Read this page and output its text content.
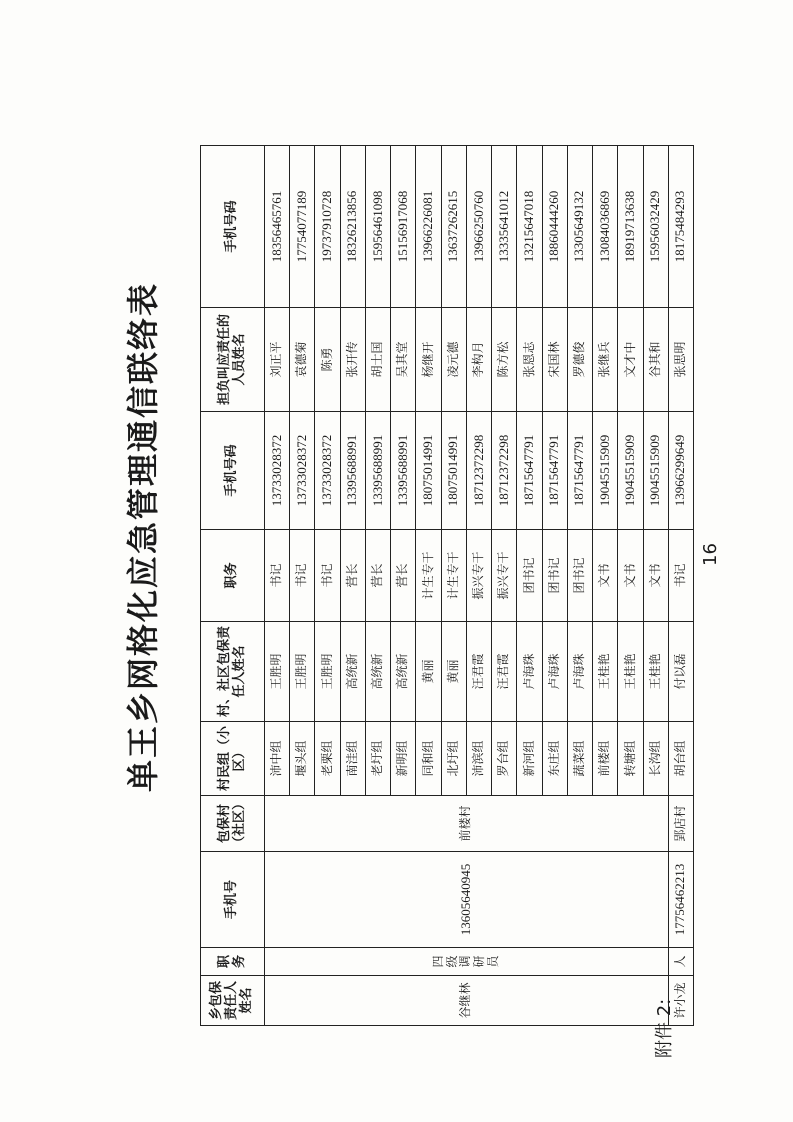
附件 2:
单王乡网格化应急管理通信联络表
乡包保责任人姓名	职务	手机号	包保村（社区）	村民组（小区）	村、社区包保责任人姓名	职务	手机号码	担负叫应责任的人员姓名	手机号码
谷继林	四级调研员	13605640945	前楼村	沛中组	王胜明	书记	13733028372	刘正平	18356465761
				堰头组	王胜明	书记	13733028372	袁德菊	17754077189
				老栗组	王胜明	书记	13733028372	陈勇	19737910728
				南洼组	高统新	营长	13395688991	张开传	18326213856
				老圩组	高统新	营长	13395688991	胡士国	15956461098
				新明组	高统新	营长	13395688991	吴其堂	15156917068
				同和组	黄丽	计生专干	18075014991	杨继开	13966226081
				北圩组	黄丽	计生专干	18075014991	凌元德	13637262615
				沛滨组	汪君霞	振兴专干	18712372298	李构月	13966250760
				罗台组	汪君霞	振兴专干	18712372298	陈方松	13335641012
				新河组	卢海珠	团书记	18715647791	张恩志	13215647018
				东庄组	卢海珠	团书记	18715647791	宋国林	18860444260
				蔬菜组	卢海珠	团书记	18715647791	罗德俊	13305649132
				前楼组	王桂艳	文书	19045515909	张继兵	13084036869
				转塘组	王桂艳	文书	19045515909	文才中	18919713638
				长沟组	王桂艳	文书	19045515909	谷其和	15956032429
许小龙	人	17756462213	郢店村	胡台组	付以磊	书记	13966299649	张思明	18175484293
16
